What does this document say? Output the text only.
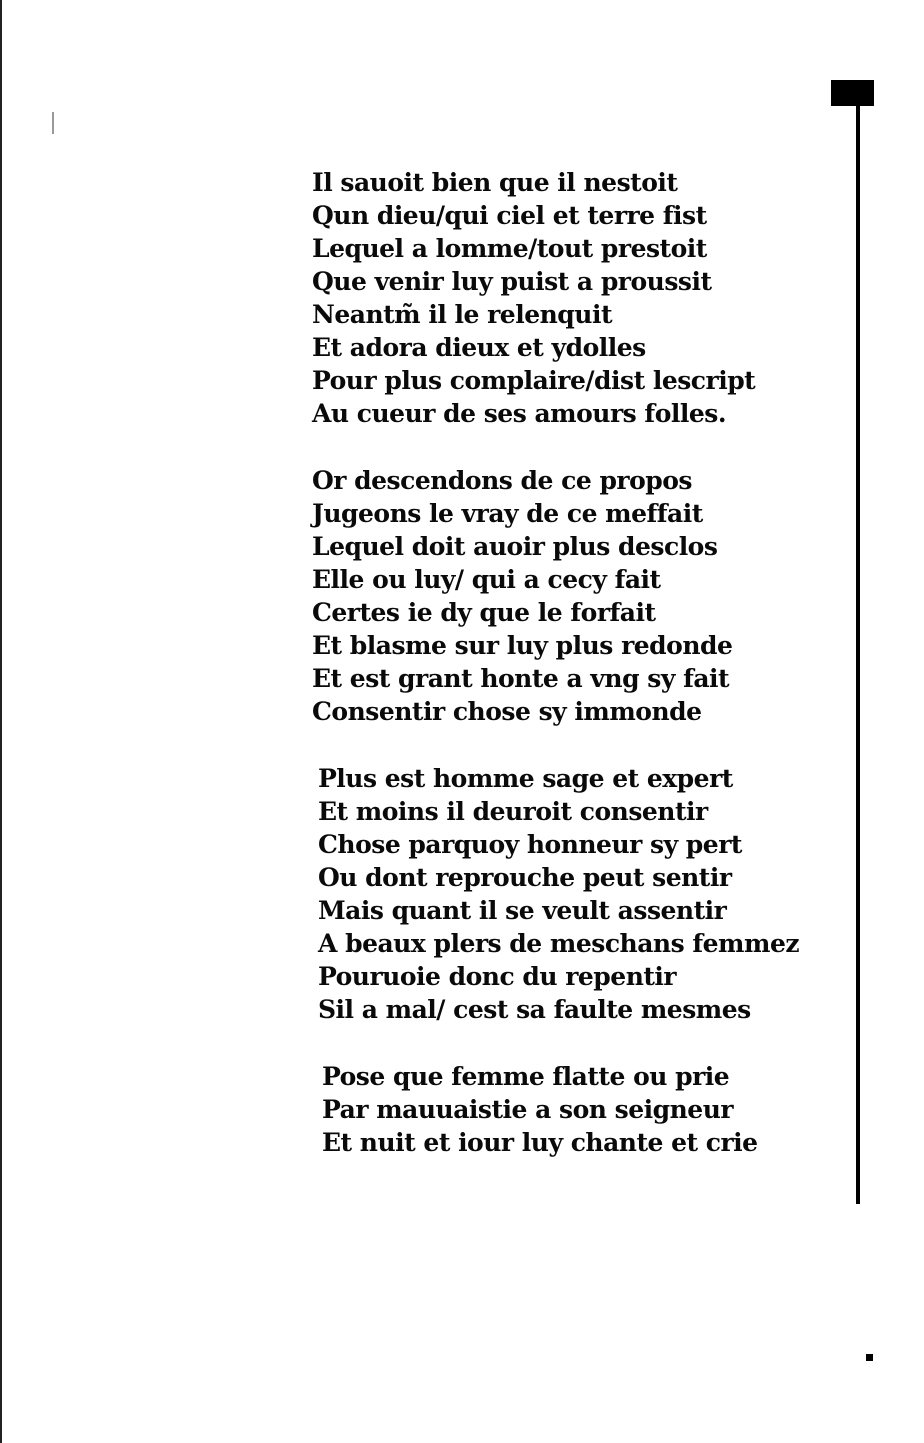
Il sauoit bien que il nestoit
Qun dieu/qui ciel et terre fist
Lequel a lomme/tout prestoit
Que venir luy puist a proussit
Neantm̃ il le relenquit
Et adora dieux et ydolles
Pour plus complaire/dist lescript
Au cueur de ses amours folles.
Or descendons de ce propos
Jugeons le vray de ce meffait
Lequel doit auoir plus desclos
Elle ou luy/ qui a cecy fait
Certes ie dy que le forfait
Et blasme sur luy plus redonde
Et est grant honte a vng sy fait
Consentir chose sy immonde
Plus est homme sage et expert
Et moins il deuroit consentir
Chose parquoy honneur sy pert
Ou dont reprouche peut sentir
Mais quant il se veult assentir
A beaux plers de meschans femmez
Pouruoie donc du repentir
Sil a mal/ cest sa faulte mesmes
Pose que femme flatte ou prie
Par mauuaistie a son seigneur
Et nuit et iour luy chante et crie
